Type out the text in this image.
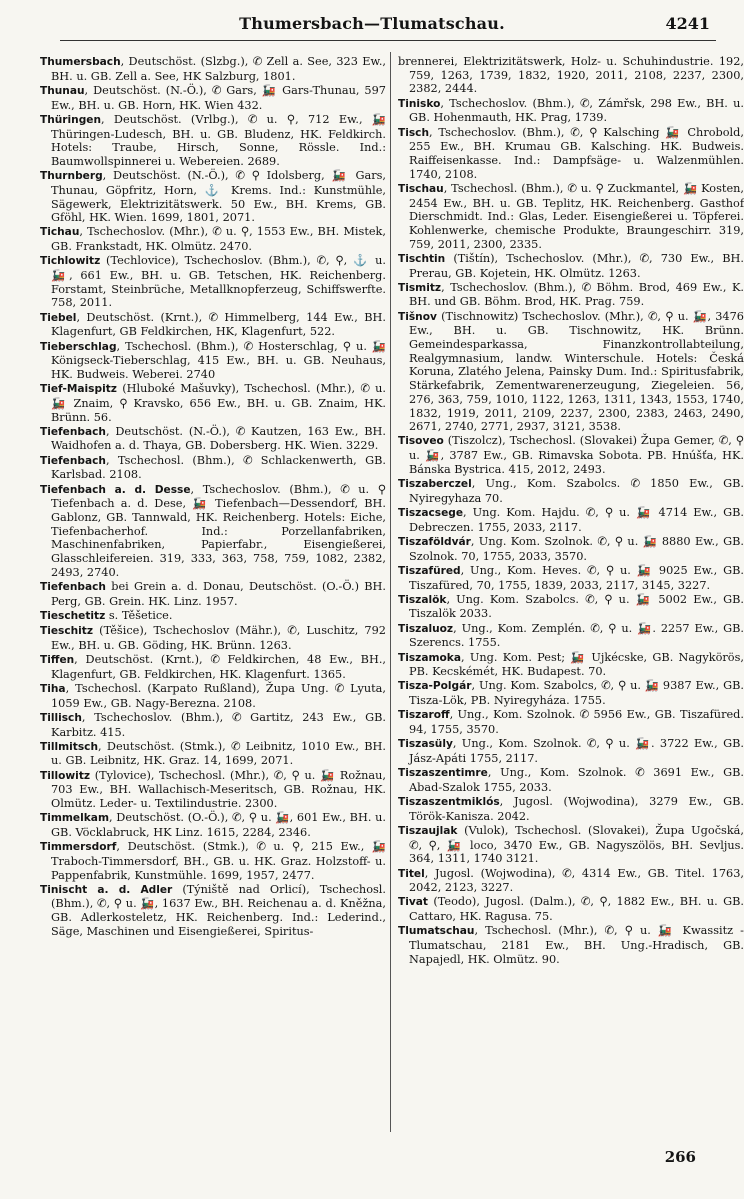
Thumersbach—Tlumatschau.	4241

Thumersbach, Deutschöst. (Slzbg.), ✆ Zell a. See, 323 Ew., BH. u. GB. Zell a. See, HK Salzburg, 1801.

Thunau, Deutschöst. (N.-Ö.), ✆ Gars, 🚂 Gars-Thunau, 597 Ew., BH. u. GB. Horn, HK. Wien 432.

Thüringen, Deutschöst. (Vrlbg.), ✆ u. ⚲, 712 Ew., 🚂 Thüringen-Ludesch, BH. u. GB. Bludenz, HK. Feldkirch. Hotels: Traube, Hirsch, Sonne, Rössle. Ind.: Baumwollspinnerei u. Webereien. 2689.

Thurnberg, Deutschöst. (N.-Ö.), ✆ ⚲ Idolsberg, 🚂 Gars, Thunau, Göpfritz, Horn, ⚓ Krems. Ind.: Kunstmühle, Sägewerk, Elektrizitätswerk. 50 Ew., BH. Krems, GB. Gföhl, HK. Wien. 1699, 1801, 2071.

Tichau, Tschechoslov. (Mhr.), ✆ u. ⚲, 1553 Ew., BH. Mistek, GB. Frankstadt, HK. Olmütz. 2470.

Tichlowitz (Techlovice), Tschechoslov. (Bhm.), ✆, ⚲, ⚓ u. 🚂, 661 Ew., BH. u. GB. Tetschen, HK. Reichenberg. Forstamt, Steinbrüche, Metallknopferzeug, Schiffswerfte. 758, 2011.

Tiebel, Deutschöst. (Krnt.), ✆ Himmelberg, 144 Ew., BH. Klagenfurt, GB Feldkirchen, HK, Klagenfurt, 522.

Tieberschlag, Tschechosl. (Bhm.), ✆ Hosterschlag, ⚲ u. 🚂 Königseck-Tieberschlag, 415 Ew., BH. u. GB. Neuhaus, HK. Budweis. Weberei. 2740

Tief-Maispitz (Hluboké Mašuvky), Tschechosl. (Mhr.), ✆ u. 🚂 Znaim, ⚲ Kravsko, 656 Ew., BH. u. GB. Znaim, HK. Brünn. 56.

Tiefenbach, Deutschöst. (N.-Ö.), ✆ Kautzen, 163 Ew., BH. Waidhofen a. d. Thaya, GB. Dobersberg. HK. Wien. 3229.

Tiefenbach, Tschechosl. (Bhm.), ✆ Schlackenwerth, GB. Karlsbad. 2108.

Tiefenbach a. d. Desse, Tschechoslov. (Bhm.), ✆ u. ⚲ Tiefenbach a. d. Dese, 🚂 Tiefenbach—Dessendorf, BH. Gablonz, GB. Tannwald, HK. Reichenberg. Hotels: Eiche, Tiefenbacherhof. Ind.: Porzellanfabriken, Maschinenfabriken, Papierfabr., Eisengießerei, Glasschleifereien. 319, 333, 363, 758, 759, 1082, 2382, 2493, 2740.

Tiefenbach bei Grein a. d. Donau, Deutschöst. (O.-Ö.) BH. Perg, GB. Grein. HK. Linz. 1957.

Tieschetitz s. Těšetice.

Tieschitz (Těšice), Tschechoslov (Mähr.), ✆, Luschitz, 792 Ew., BH. u. GB. Göding, HK. Brünn. 1263.

Tiffen, Deutschöst. (Krnt.), ✆ Feldkirchen, 48 Ew., BH., Klagenfurt, GB. Feldkirchen, HK. Klagenfurt. 1365.

Tiha, Tschechosl. (Karpato Rußland), Župa Ung. ✆ Lyuta, 1059 Ew., GB. Nagy-Berezna. 2108.

Tillisch, Tschechoslov. (Bhm.), ✆ Gartitz, 243 Ew., GB. Karbitz. 415.

Tillmitsch, Deutschöst. (Stmk.), ✆ Leibnitz, 1010 Ew., BH. u. GB. Leibnitz, HK. Graz. 14, 1699, 2071.

Tillowitz (Tylovice), Tschechosl. (Mhr.), ✆, ⚲ u. 🚂 Rožnau, 703 Ew., BH. Wallachisch-Meseritsch, GB. Rožnau, HK. Olmütz. Leder- u. Textilindustrie. 2300.

Timmelkam, Deutschöst. (O.-Ö.), ✆, ⚲ u. 🚂, 601 Ew., BH. u. GB. Vöcklabruck, HK Linz. 1615, 2284, 2346.

Timmersdorf, Deutschöst. (Stmk.), ✆ u. ⚲, 215 Ew., 🚂 Traboch-Timmersdorf, BH., GB. u. HK. Graz. Holzstoff- u. Pappenfabrik, Kunstmühle. 1699, 1957, 2477.

Tinischt a. d. Adler (Týniště nad Orlicí), Tschechosl. (Bhm.), ✆, ⚲ u. 🚂, 1637 Ew., BH. Reichenau a. d. Kněžna, GB. Adlerkosteletz, HK. Reichenberg. Ind.: Lederind., Säge, Maschinen und Eisengießerei, Spiritus-

brennerei, Elektrizitätswerk, Holz- u. Schuhindustrie. 192, 759, 1263, 1739, 1832, 1920, 2011, 2108, 2237, 2300, 2382, 2444.

Tinisko, Tschechoslov. (Bhm.), ✆, Zámřsk, 298 Ew., BH. u. GB. Hohenmauth, HK. Prag, 1739.

Tisch, Tschechoslov. (Bhm.), ✆, ⚲ Kalsching 🚂 Chrobold, 255 Ew., BH. Krumau GB. Kalsching. HK. Budweis. Raiffeisenkasse. Ind.: Dampfsäge- u. Walzenmühlen. 1740, 2108.

Tischau, Tschechosl. (Bhm.), ✆ u. ⚲ Zuckmantel, 🚂 Kosten, 2454 Ew., BH. u. GB. Teplitz, HK. Reichenberg. Gasthof Dierschmidt. Ind.: Glas, Leder. Eisengießerei u. Töpferei. Kohlenwerke, chemische Produkte, Braungeschirr. 319, 759, 2011, 2300, 2335.

Tischtin (Tištín), Tschechoslov. (Mhr.), ✆, 730 Ew., BH. Prerau, GB. Kojetein, HK. Olmütz. 1263.

Tismitz, Tschechoslov. (Bhm.), ✆ Böhm. Brod, 469 Ew., K. BH. und GB. Böhm. Brod, HK. Prag. 759.

Tišnov (Tischnowitz) Tschechoslov. (Mhr.), ✆, ⚲ u. 🚂, 3476 Ew., BH. u. GB. Tischnowitz, HK. Brünn. Gemeindesparkassa, Finanzkontrollabteilung, Realgymnasium, landw. Winterschule. Hotels: Česká Koruna, Zlatého Jelena, Painsky Dum. Ind.: Spiritusfabrik, Stärkefabrik, Zementwarenerzeugung, Ziegeleien. 56, 276, 363, 759, 1010, 1122, 1263, 1311, 1343, 1553, 1740, 1832, 1919, 2011, 2109, 2237, 2300, 2383, 2463, 2490, 2671, 2740, 2771, 2937, 3121, 3538.

Tisoveo (Tiszolcz), Tschechosl. (Slovakei) Župa Gemer, ✆, ⚲ u. 🚂, 3787 Ew., GB. Rimavska Sobota. PB. Hnúšťa, HK. Bánska Bystrica. 415, 2012, 2493.

Tiszaberczel, Ung., Kom. Szabolcs. ✆ 1850 Ew., GB. Nyiregyhaza 70.

Tiszacsege, Ung. Kom. Hajdu. ✆, ⚲ u. 🚂 4714 Ew., GB. Debreczen. 1755, 2033, 2117.

Tiszaföldvár, Ung. Kom. Szolnok. ✆, ⚲ u. 🚂 8880 Ew., GB. Szolnok. 70, 1755, 2033, 3570.

Tiszafüred, Ung., Kom. Heves. ✆, ⚲ u. 🚂 9025 Ew., GB. Tiszafüred, 70, 1755, 1839, 2033, 2117, 3145, 3227.

Tiszalök, Ung. Kom. Szabolcs. ✆, ⚲ u. 🚂 5002 Ew., GB. Tiszalök 2033.

Tiszaluoz, Ung., Kom. Zemplén. ✆, ⚲ u. 🚂. 2257 Ew., GB. Szerencs. 1755.

Tiszamoka, Ung. Kom. Pest; 🚂 Ujkécske, GB. Nagykörös, PB. Kecskémét, HK. Budapest. 70.

Tisza-Polgár, Ung. Kom. Szabolcs, ✆, ⚲ u. 🚂 9387 Ew., GB. Tisza-Lök, PB. Nyiregyháza. 1755.

Tiszaroff, Ung., Kom. Szolnok. ✆ 5956 Ew., GB. Tiszafüred. 94, 1755, 3570.

Tiszasüly, Ung., Kom. Szolnok. ✆, ⚲ u. 🚂. 3722 Ew., GB. Jász-Apáti 1755, 2117.

Tiszaszentimre, Ung., Kom. Szolnok. ✆ 3691 Ew., GB. Abad-Szalok 1755, 2033.

Tiszaszentmiklós, Jugosl. (Wojwodina), 3279 Ew., GB. Török-Kanisza. 2042.

Tiszaujlak (Vulok), Tschechosl. (Slovakei), Župa Ugočská, ✆, ⚲, 🚂 loco, 3470 Ew., GB. Nagyszölös, BH. Sevljus. 364, 1311, 1740 3121.

Titel, Jugosl. (Wojwodina), ✆, 4314 Ew., GB. Titel. 1763, 2042, 2123, 3227.

Tivat (Teodo), Jugosl. (Dalm.), ✆, ⚲, 1882 Ew., BH. u. GB. Cattaro, HK. Ragusa. 75.

Tlumatschau, Tschechosl. (Mhr.), ✆, ⚲ u. 🚂 Kwassitz - Tlumatschau, 2181 Ew., BH. Ung.-Hradisch, GB. Napajedl, HK. Olmütz. 90.

266
